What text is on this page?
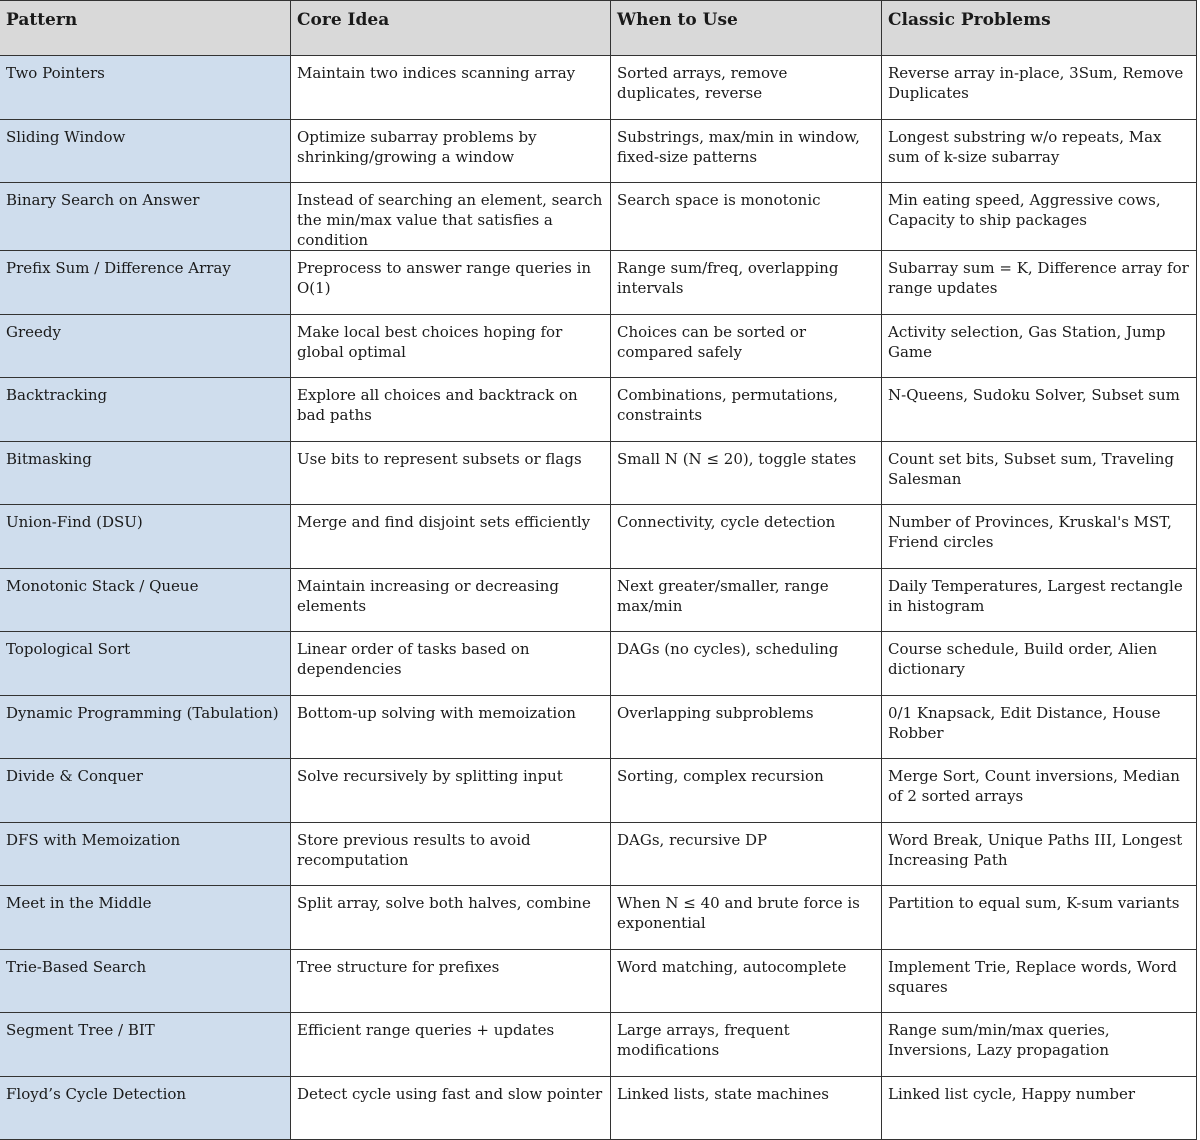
Pattern	Core Idea	When to Use	Classic Problems
Two Pointers	Maintain two indices scanning array	Sorted arrays, remove duplicates, reverse	Reverse array in-place, 3Sum, Remove Duplicates
Sliding Window	Optimize subarray problems by shrinking/growing a window	Substrings, max/min in window, fixed-size patterns	Longest substring w/o repeats, Max sum of k-size subarray
Binary Search on Answer	Instead of searching an element, search the min/max value that satisfies a condition	Search space is monotonic	Min eating speed, Aggressive cows, Capacity to ship packages
Prefix Sum / Difference Array	Preprocess to answer range queries in O(1)	Range sum/freq, overlapping intervals	Subarray sum = K, Difference array for range updates
Greedy	Make local best choices hoping for global optimal	Choices can be sorted or compared safely	Activity selection, Gas Station, Jump Game
Backtracking	Explore all choices and backtrack on bad paths	Combinations, permutations, constraints	N-Queens, Sudoku Solver, Subset sum
Bitmasking	Use bits to represent subsets or flags	Small N (N ≤ 20), toggle states	Count set bits, Subset sum, Traveling Salesman
Union-Find (DSU)	Merge and find disjoint sets efficiently	Connectivity, cycle detection	Number of Provinces, Kruskal's MST, Friend circles
Monotonic Stack / Queue	Maintain increasing or decreasing elements	Next greater/smaller, range max/min	Daily Temperatures, Largest rectangle in histogram
Topological Sort	Linear order of tasks based on dependencies	DAGs (no cycles), scheduling	Course schedule, Build order, Alien dictionary
Dynamic Programming (Tabulation)	Bottom-up solving with memoization	Overlapping subproblems	0/1 Knapsack, Edit Distance, House Robber
Divide & Conquer	Solve recursively by splitting input	Sorting, complex recursion	Merge Sort, Count inversions, Median of 2 sorted arrays
DFS with Memoization	Store previous results to avoid recomputation	DAGs, recursive DP	Word Break, Unique Paths III, Longest Increasing Path
Meet in the Middle	Split array, solve both halves, combine	When N ≤ 40 and brute force is exponential	Partition to equal sum, K-sum variants
Trie-Based Search	Tree structure for prefixes	Word matching, autocomplete	Implement Trie, Replace words, Word squares
Segment Tree / BIT	Efficient range queries + updates	Large arrays, frequent modifications	Range sum/min/max queries, Inversions, Lazy propagation
Floyd’s Cycle Detection	Detect cycle using fast and slow pointer	Linked lists, state machines	Linked list cycle, Happy number
